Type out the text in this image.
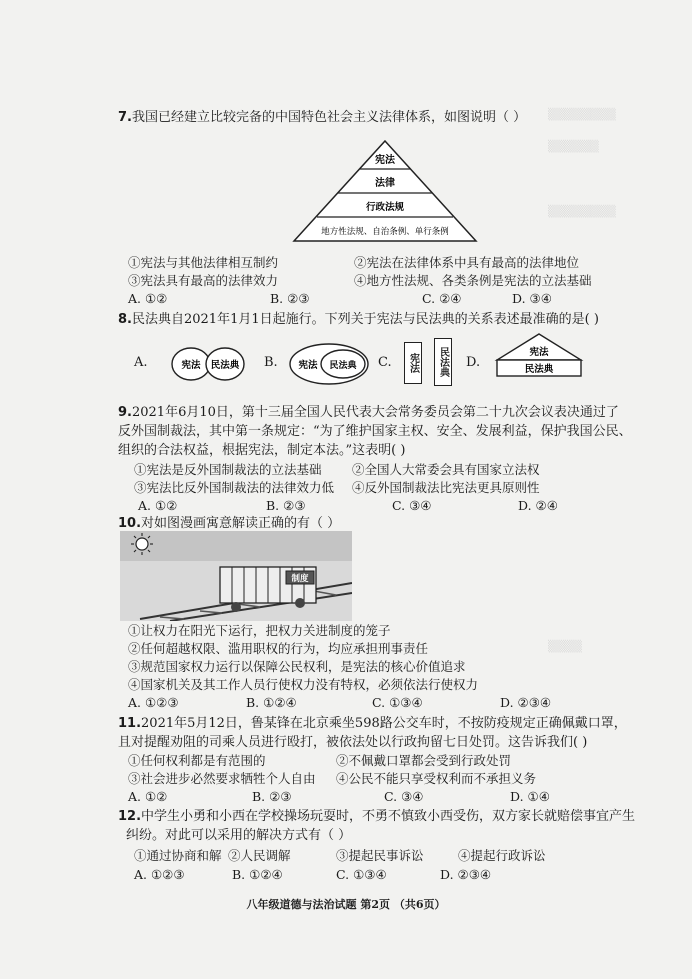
▒▒▒▒▒▒▒▒
▒▒▒▒▒▒
▒▒▒▒▒▒▒▒
▒▒▒▒
7.我国已经建立比较完备的中国特色社会主义法律体系，如图说明（ ）
宪法
法律
行政法规
地方性法规、自治条例、单行条例
①宪法与其他法律相互制约	②宪法在法律体系中具有最高的法律地位
③宪法具有最高的法律效力	④地方性法规、各类条例是宪法的立法基础
A. ①②	B. ②③	C. ②④	D. ③④
8.民法典自2021年1月1日起施行。下列关于宪法与民法典的关系表述最准确的是( )
A.	宪法 民法典 B. 宪法 民法典 C.	宪法	民法典 D.
宪法
民法典
9.2021年6月10日，第十三届全国人民代表大会常务委员会第二十九次会议表决通过了
反外国制裁法，其中第一条规定：“为了维护国家主权、安全、发展利益，保护我国公民、
组织的合法权益，根据宪法，制定本法。”这表明( )
①宪法是反外国制裁法的立法基础 ②全国人大常委会具有国家立法权
③宪法比反外国制裁法的法律效力低 ④反外国制裁法比宪法更具原则性
A. ①②	B. ②③	C. ③④	D. ②④
10.对如图漫画寓意解读正确的有（ ）
制度
①让权力在阳光下运行，把权力关进制度的笼子
②任何超越权限、滥用职权的行为，均应承担刑事责任
③规范国家权力运行以保障公民权利，是宪法的核心价值追求
④国家机关及其工作人员行使权力没有特权，必须依法行使权力
A. ①②③	B. ①②④	C. ①③④	D. ②③④
11.2021年5月12日，鲁某锋在北京乘坐598路公交车时，不按防疫规定正确佩戴口罩，
且对提醒劝阻的司乘人员进行殴打，被依法处以行政拘留七日处罚。这告诉我们( )
①任何权利都是有范围的	②不佩戴口罩都会受到行政处罚
③社会进步必然要求牺牲个人自由 ④公民不能只享受权利而不承担义务
A. ①②	B. ②③	C. ③④	D. ①④
12.中学生小勇和小西在学校操场玩耍时，不勇不慎致小西受伤，双方家长就赔偿事宜产生
纠纷。对此可以采用的解决方式有（ ）
①通过协商和解 ②人民调解	③提起民事诉讼	④提起行政诉讼
A. ①②③	B. ①②④	C. ①③④	D. ②③④
八年级道德与法治试题 第2页 （共6页）
